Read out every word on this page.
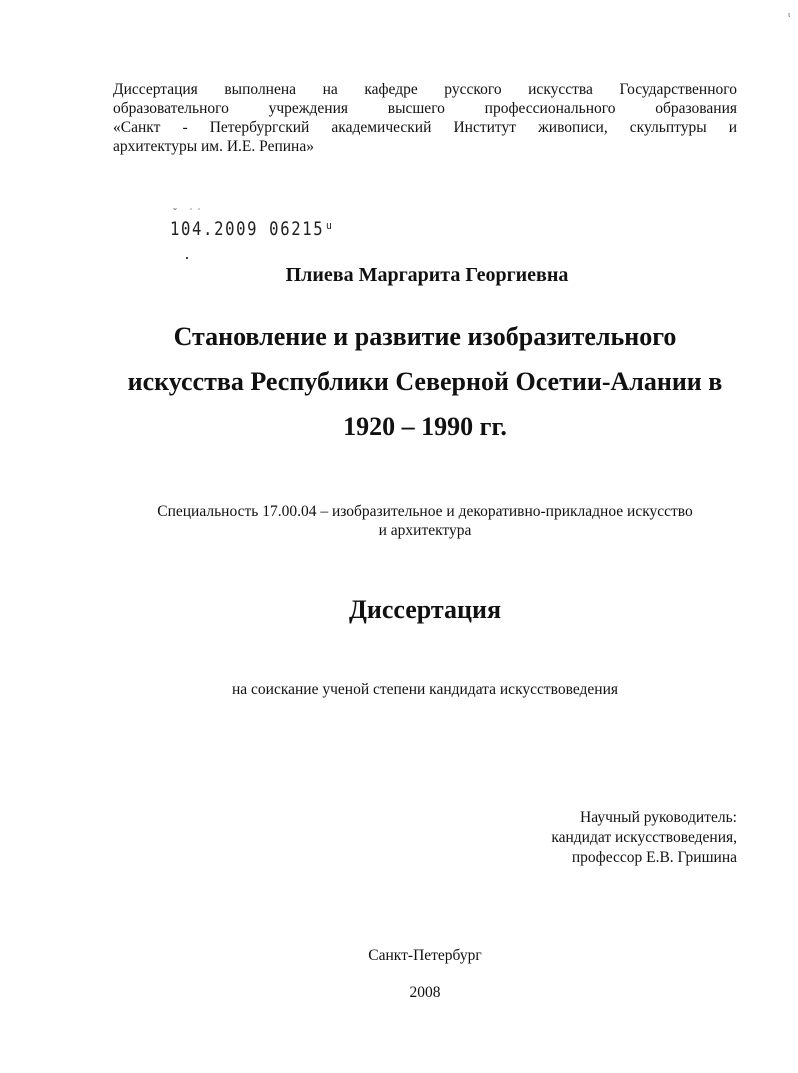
ι
Диссертация выполнена на кафедре русского искусства Государственного
образовательного учреждения высшего профессионального образования
«Санкт - Петербургский академический Институт живописи, скульптуры и
архитектуры им. И.Е. Репина»
˘ ˙˙
104.2009 06215ᵘ
Плиева Маргарита Георгиевна
Становление и развитие изобразительного
искусства Республики Северной Осетии-Алании в
1920 – 1990 гг.
Специальность 17.00.04 – изобразительное и декоративно-прикладное искусство
и архитектура
Диссертация
на соискание ученой степени кандидата искусствоведения
Научный руководитель:
кандидат искусствоведения,
профессор Е.В. Гришина
Санкт-Петербург
2008
